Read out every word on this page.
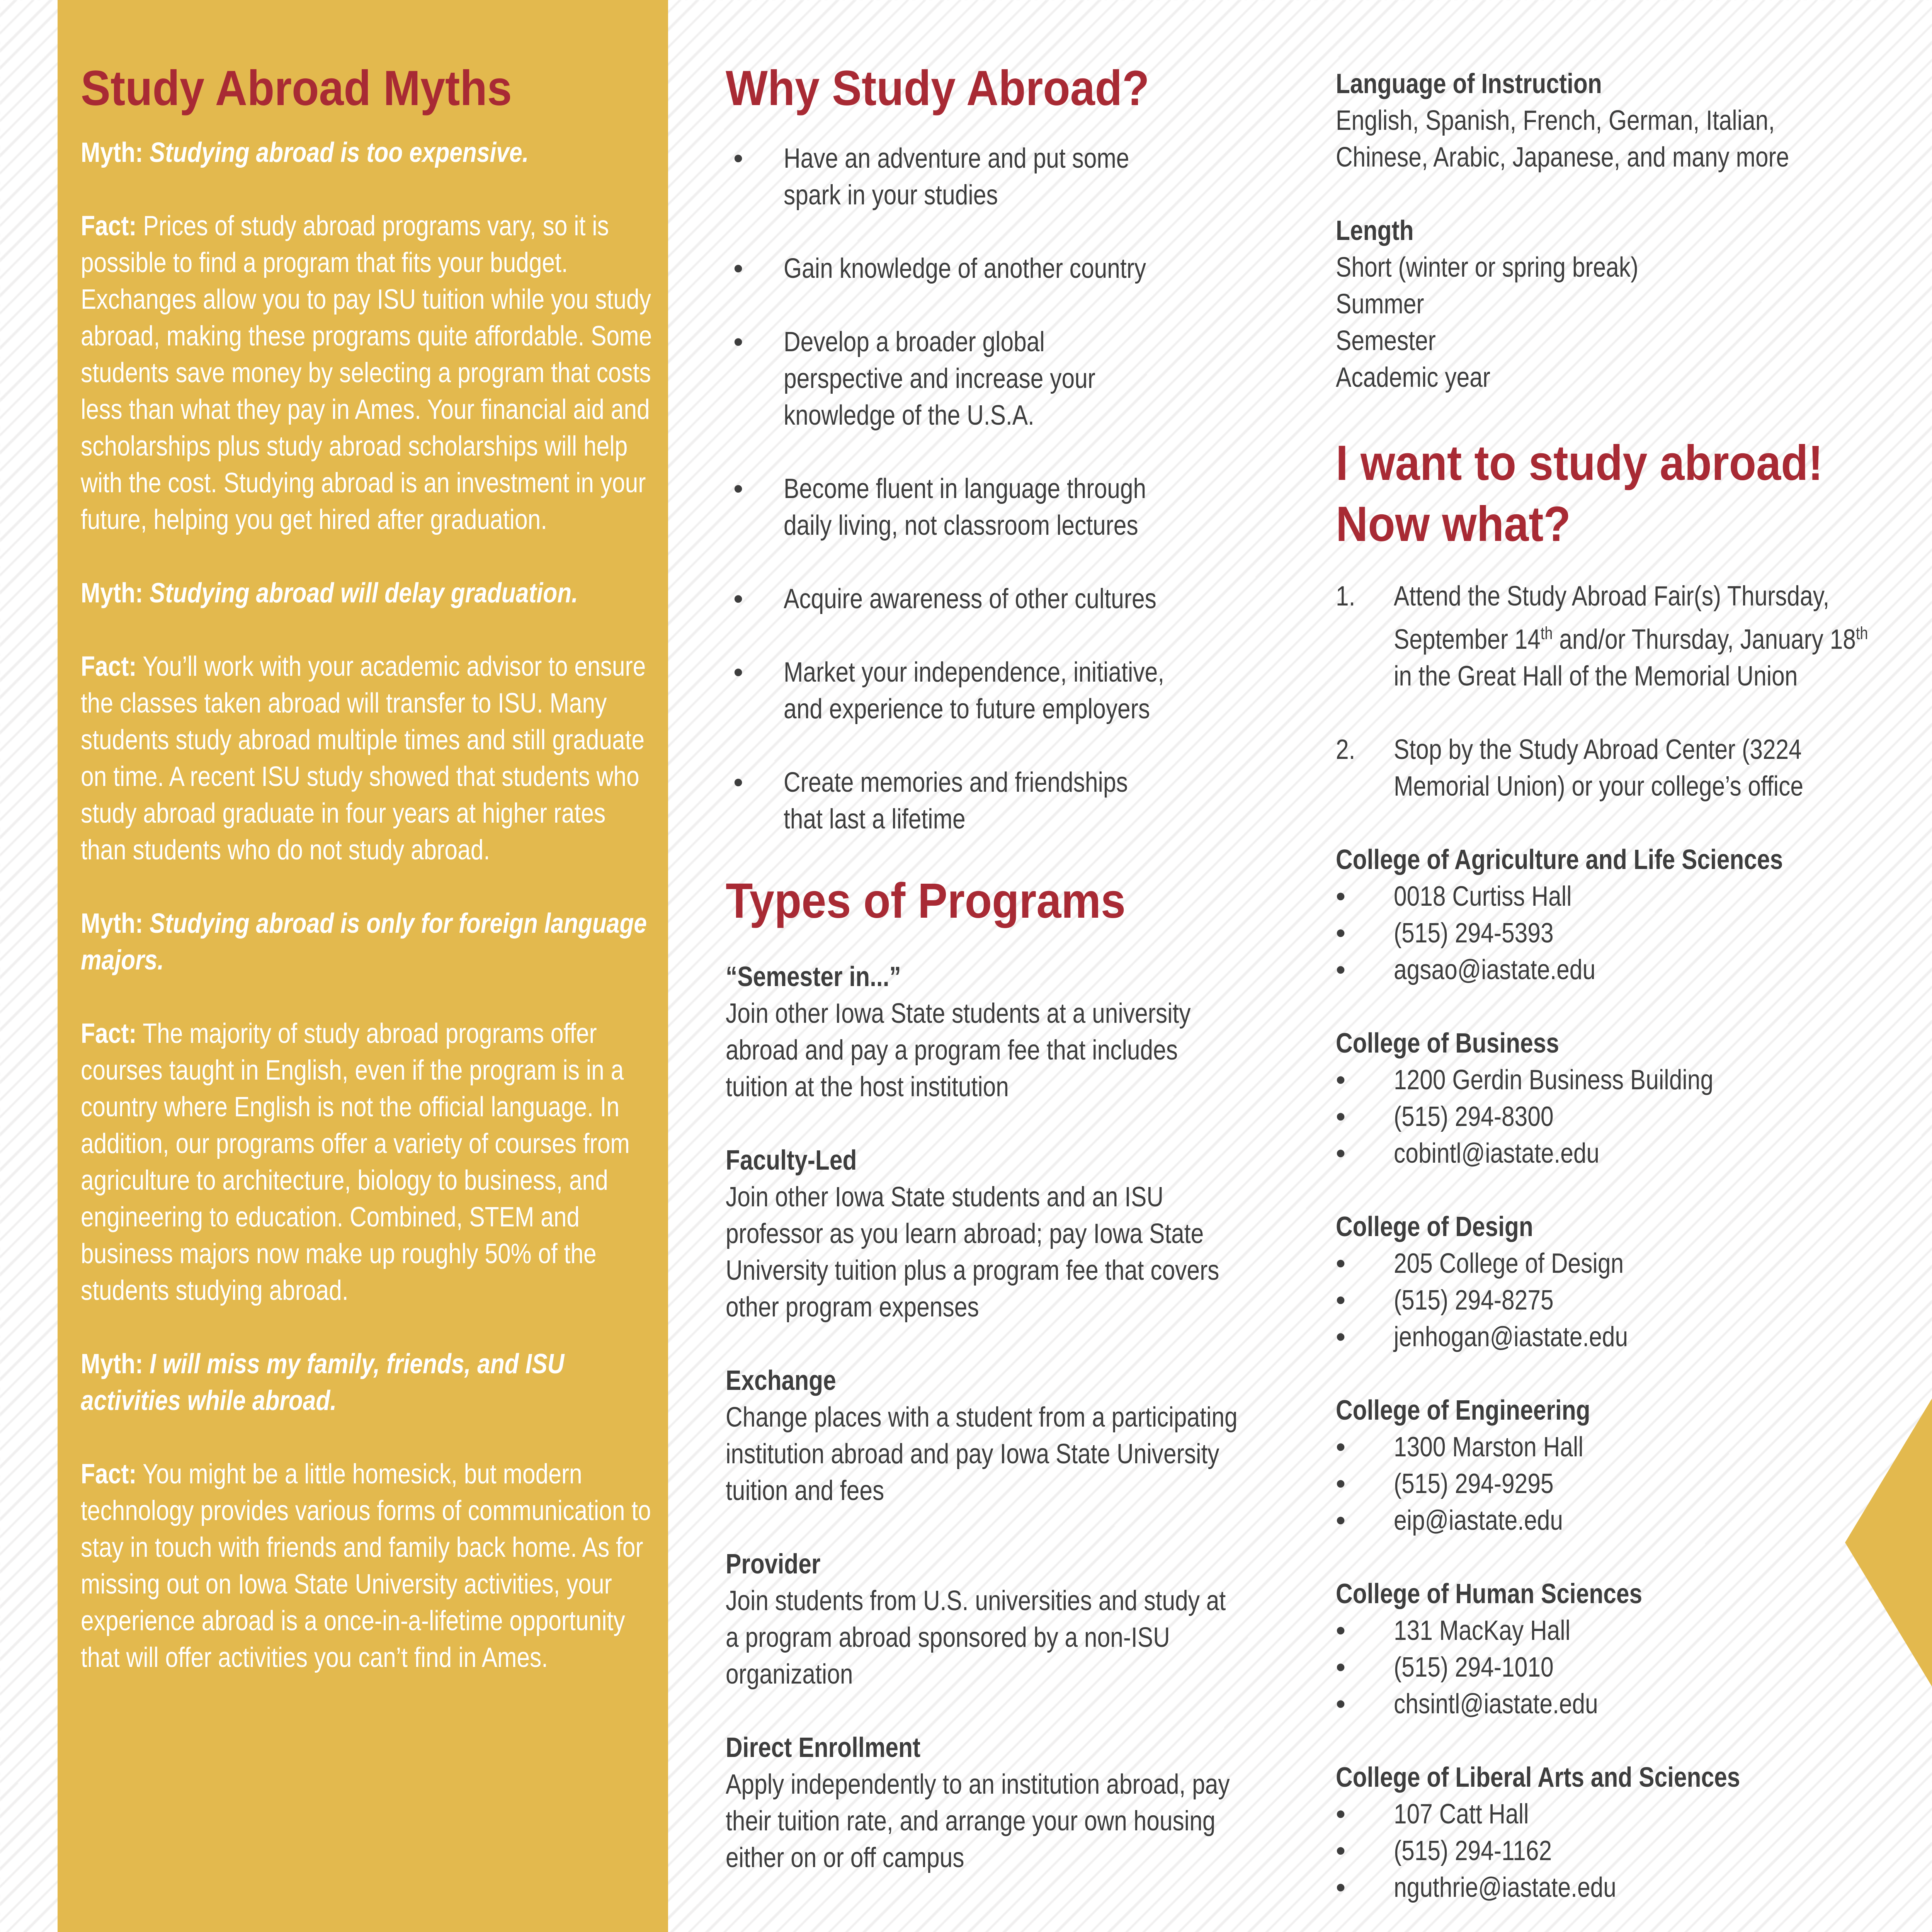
Study Abroad Myths
Myth: Studying abroad is too expensive.
Fact: Prices of study abroad programs vary, so it is possible to find a program that fits your budget. Exchanges allow you to pay ISU tuition while you study abroad, making these programs quite affordable. Some students save money by selecting a program that costs less than what they pay in Ames. Your financial aid and scholarships plus study abroad scholarships will help with the cost. Studying abroad is an investment in your future, helping you get hired after graduation.
Myth: Studying abroad will delay graduation.
Fact: You’ll work with your academic advisor to ensure the classes taken abroad will transfer to ISU. Many students study abroad multiple times and still graduate on time. A recent ISU study showed that students who study abroad graduate in four years at higher rates than students who do not study abroad.
Myth: Studying abroad is only for foreign language majors.
Fact: The majority of study abroad programs offer courses taught in English, even if the program is in a country where English is not the official language. In addition, our programs offer a variety of courses from agriculture to architecture, biology to business, and engineering to education. Combined, STEM and business majors now make up roughly 50% of the students studying abroad.
Myth: I will miss my family, friends, and ISU activities while abroad.
Fact: You might be a little homesick, but modern technology provides various forms of communication to stay in touch with friends and family back home. As for missing out on Iowa State University activities, your experience abroad is a once-in-a-lifetime opportunity that will offer activities you can’t find in Ames.
Why Study Abroad?
• Have an adventure and put some spark in your studies
• Gain knowledge of another country
• Develop a broader global perspective and increase your knowledge of the U.S.A.
• Become fluent in language through daily living, not classroom lectures
• Acquire awareness of other cultures
• Market your independence, initiative, and experience to future employers
• Create memories and friendships that last a lifetime
Types of Programs
“Semester in...”
Join other Iowa State students at a university abroad and pay a program fee that includes tuition at the host institution
Faculty-Led
Join other Iowa State students and an ISU professor as you learn abroad; pay Iowa State University tuition plus a program fee that covers other program expenses
Exchange
Change places with a student from a participating institution abroad and pay Iowa State University tuition and fees
Provider
Join students from U.S. universities and study at a program abroad sponsored by a non-ISU organization
Direct Enrollment
Apply independently to an institution abroad, pay their tuition rate, and arrange your own housing either on or off campus
Language of Instruction
English, Spanish, French, German, Italian,
Chinese, Arabic, Japanese, and many more
Length
Short (winter or spring break)
Summer
Semester
Academic year
I want to study abroad!
Now what?
1. Attend the Study Abroad Fair(s) Thursday, September 14th and/or Thursday, January 18th in the Great Hall of the Memorial Union
2. Stop by the Study Abroad Center (3224 Memorial Union) or your college’s office
College of Agriculture and Life Sciences
• 0018 Curtiss Hall
• (515) 294-5393
• agsao@iastate.edu
College of Business
• 1200 Gerdin Business Building
• (515) 294-8300
• cobintl@iastate.edu
College of Design
• 205 College of Design
• (515) 294-8275
• jenhogan@iastate.edu
College of Engineering
• 1300 Marston Hall
• (515) 294-9295
• eip@iastate.edu
College of Human Sciences
• 131 MacKay Hall
• (515) 294-1010
• chsintl@iastate.edu
College of Liberal Arts and Sciences
• 107 Catt Hall
• (515) 294-1162
• nguthrie@iastate.edu
